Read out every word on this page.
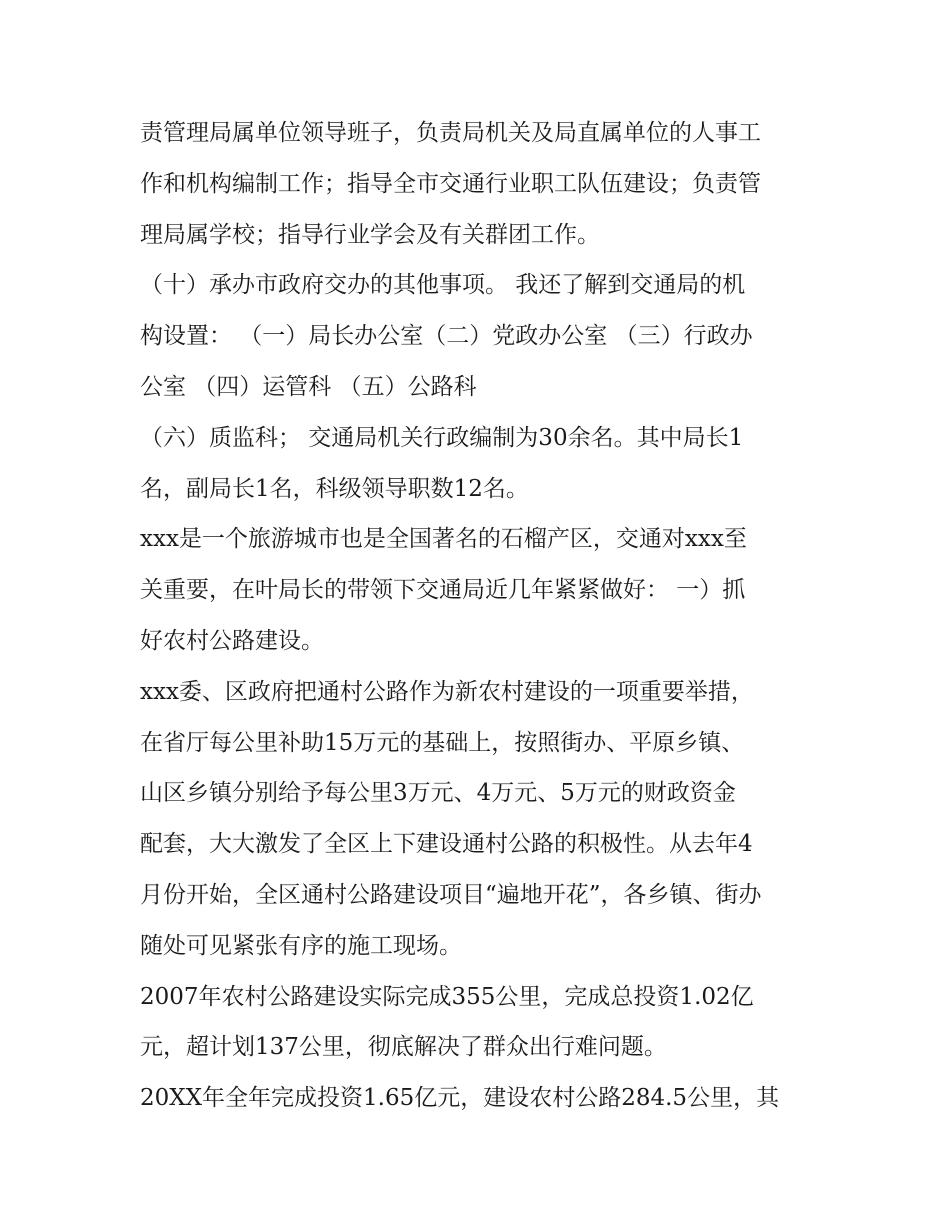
责管理局属单位领导班子，负责局机关及局直属单位的人事工
作和机构编制工作；指导全市交通行业职工队伍建设；负责管
理局属学校；指导行业学会及有关群团工作。
（十）承办市政府交办的其他事项。 我还了解到交通局的机
构设置： （一）局长办公室（二）党政办公室 （三）行政办
公室 （四）运管科 （五）公路科
（六）质监科； 交通局机关行政编制为30余名。其中局长1
名，副局长1名，科级领导职数12名。
xxx是一个旅游城市也是全国著名的石榴产区，交通对xxx至
关重要，在叶局长的带领下交通局近几年紧紧做好： 一）抓
好农村公路建设。
xxx委、区政府把通村公路作为新农村建设的一项重要举措，
在省厅每公里补助15万元的基础上，按照街办、平原乡镇、
山区乡镇分别给予每公里3万元、4万元、5万元的财政资金
配套，大大激发了全区上下建设通村公路的积极性。从去年4
月份开始，全区通村公路建设项目“遍地开花”，各乡镇、街办
随处可见紧张有序的施工现场。
2007年农村公路建设实际完成355公里，完成总投资1.02亿
元，超计划137公里，彻底解决了群众出行难问题。
20XX年全年完成投资1.65亿元，建设农村公路284.5公里，其
